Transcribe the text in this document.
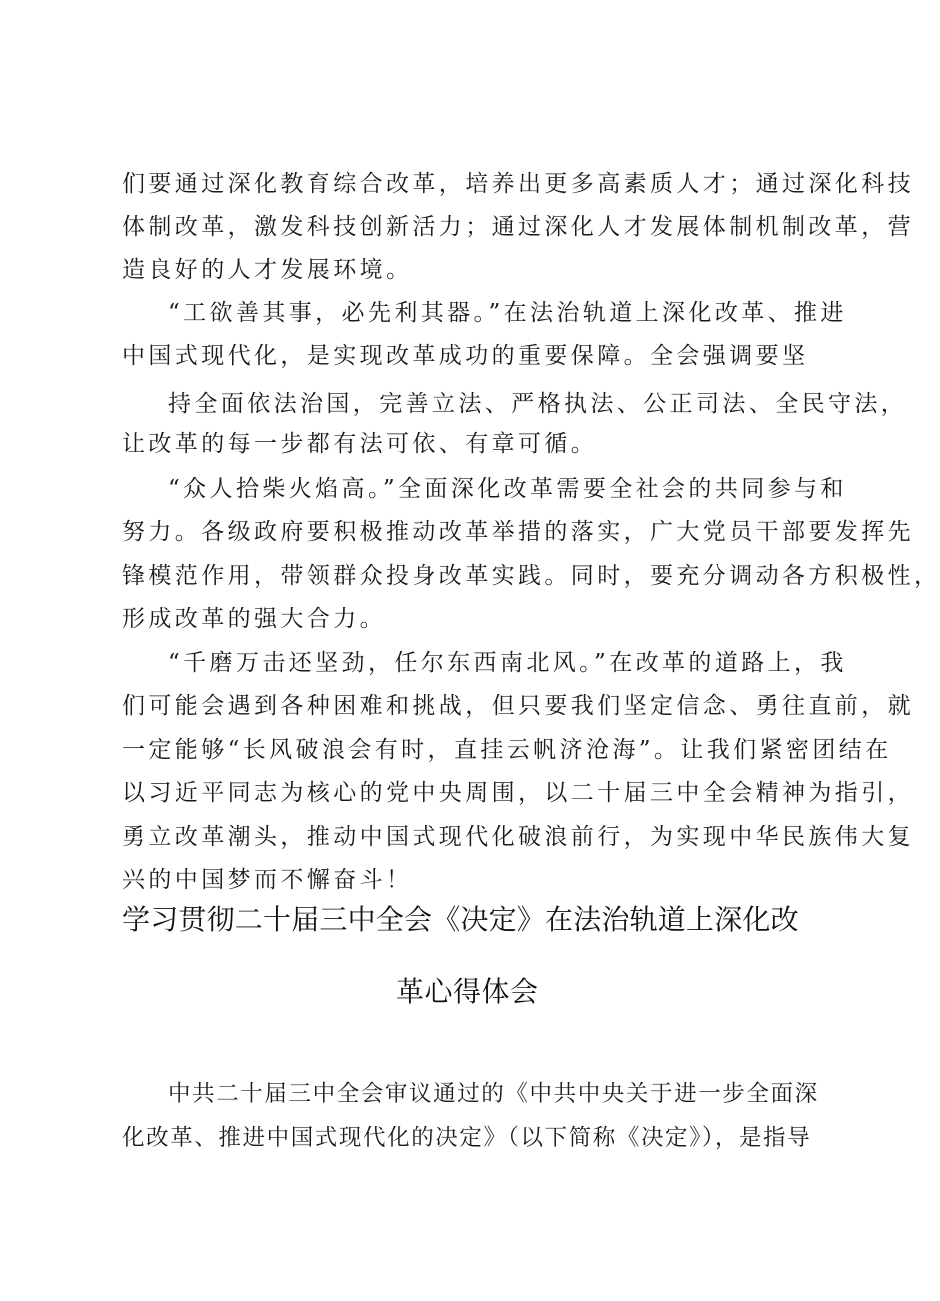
们要通过深化教育综合改革，培养出更多高素质人才；通过深化科技
体制改革，激发科技创新活力；通过深化人才发展体制机制改革，营
造良好的人才发展环境。
“工欲善其事，必先利其器。”在法治轨道上深化改革、推进
中国式现代化，是实现改革成功的重要保障。全会强调要坚
持全面依法治国，完善立法、严格执法、公正司法、全民守法，
让改革的每一步都有法可依、有章可循。
“众人拾柴火焰高。”全面深化改革需要全社会的共同参与和
努力。各级政府要积极推动改革举措的落实，广大党员干部要发挥先
锋模范作用，带领群众投身改革实践。同时，要充分调动各方积极性，
形成改革的强大合力。
“千磨万击还坚劲，任尔东西南北风。”在改革的道路上，我
们可能会遇到各种困难和挑战，但只要我们坚定信念、勇往直前，就
一定能够“长风破浪会有时，直挂云帆济沧海”。让我们紧密团结在
以习近平同志为核心的党中央周围，以二十届三中全会精神为指引，
勇立改革潮头，推动中国式现代化破浪前行，为实现中华民族伟大复
兴的中国梦而不懈奋斗！
学习贯彻二十届三中全会《决定》在法治轨道上深化改
革心得体会
中共二十届三中全会审议通过的《中共中央关于进一步全面深
化改革、推进中国式现代化的决定》（以下简称《决定》），是指导
